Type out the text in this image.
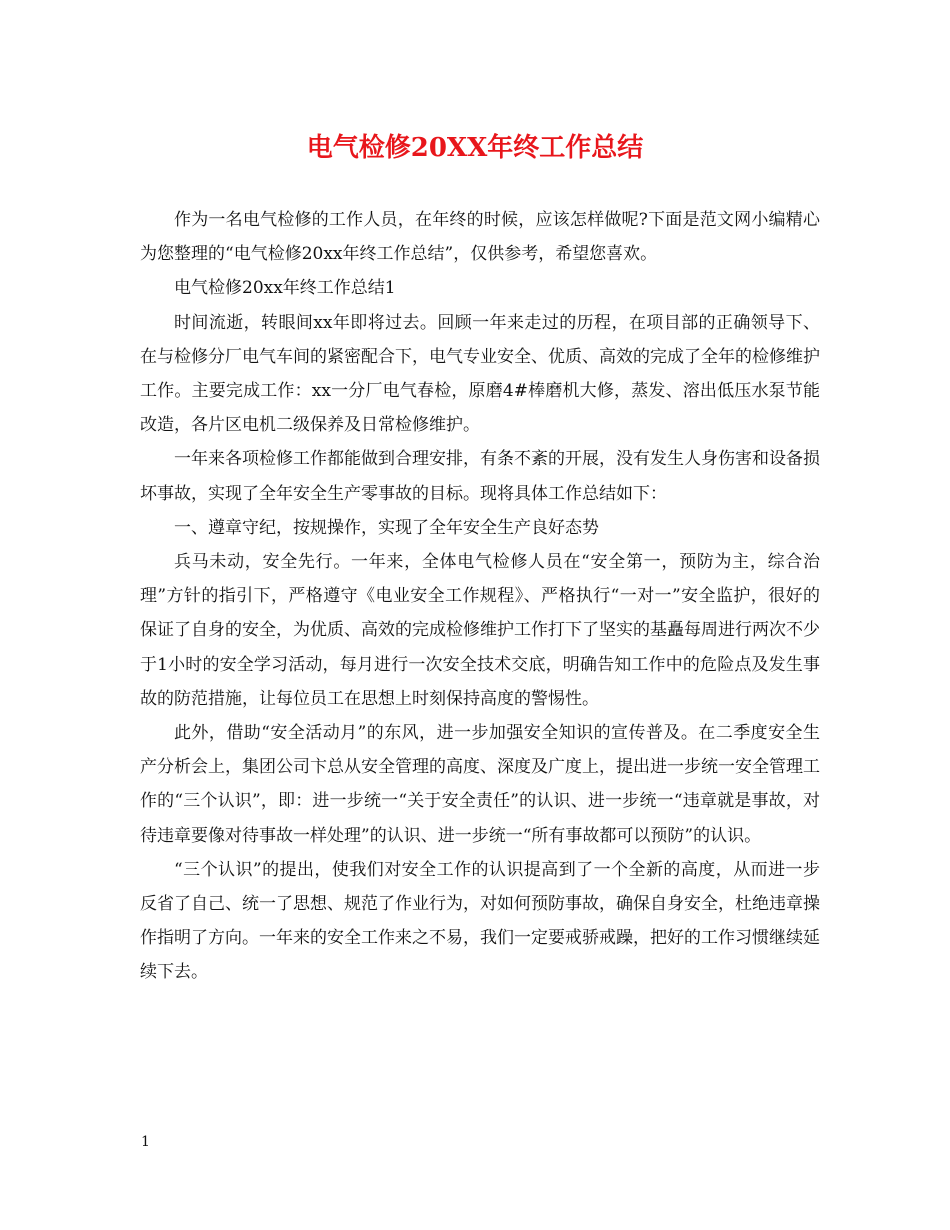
电气检修20XX年终工作总结

作为一名电气检修的工作人员，在年终的时候，应该怎样做呢?下面是范文网小编精心为您整理的“电气检修20xx年终工作总结”，仅供参考，希望您喜欢。

电气检修20xx年终工作总结1

时间流逝，转眼间xx年即将过去。回顾一年来走过的历程，在项目部的正确领导下、在与检修分厂电气车间的紧密配合下，电气专业安全、优质、高效的完成了全年的检修维护工作。主要完成工作：xx一分厂电气春检，原磨4#棒磨机大修，蒸发、溶出低压水泵节能改造，各片区电机二级保养及日常检修维护。

一年来各项检修工作都能做到合理安排，有条不紊的开展，没有发生人身伤害和设备损坏事故，实现了全年安全生产零事故的目标。现将具体工作总结如下：

一、遵章守纪，按规操作，实现了全年安全生产良好态势

兵马未动，安全先行。一年来，全体电气检修人员在“安全第一，预防为主，综合治理”方针的指引下，严格遵守《电业安全工作规程》、严格执行“一对一”安全监护，很好的保证了自身的安全，为优质、高效的完成检修维护工作打下了坚实的基矗每周进行两次不少于1小时的安全学习活动，每月进行一次安全技术交底，明确告知工作中的危险点及发生事故的防范措施，让每位员工在思想上时刻保持高度的警惕性。

此外，借助“安全活动月”的东风，进一步加强安全知识的宣传普及。在二季度安全生产分析会上，集团公司卞总从安全管理的高度、深度及广度上，提出进一步统一安全管理工作的“三个认识”，即：进一步统一“关于安全责任”的认识、进一步统一“违章就是事故，对待违章要像对待事故一样处理”的认识、进一步统一“所有事故都可以预防”的认识。

“三个认识”的提出，使我们对安全工作的认识提高到了一个全新的高度，从而进一步反省了自己、统一了思想、规范了作业行为，对如何预防事故，确保自身安全，杜绝违章操作指明了方向。一年来的安全工作来之不易，我们一定要戒骄戒躁，把好的工作习惯继续延续下去。

1
